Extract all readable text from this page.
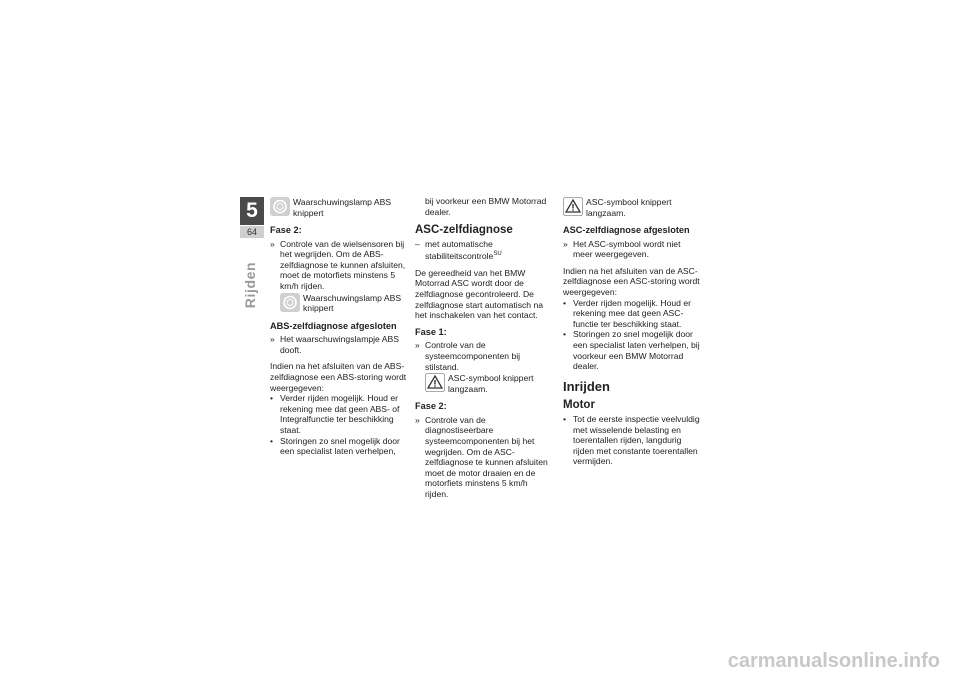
5
64
Rijden
Waarschuwingslamp ABS knippert
Fase 2:
» Controle van de wielsensoren bij het wegrijden. Om de ABS-zelfdiagnose te kunnen afsluiten, moet de motorfiets minstens 5 km/h rijden.
Waarschuwingslamp ABS knippert
ABS-zelfdiagnose afgesloten
» Het waarschuwingslampje ABS dooft.
Indien na het afsluiten van de ABS-zelfdiagnose een ABS-storing wordt weergegeven:
• Verder rijden mogelijk. Houd er rekening mee dat geen ABS- of Integralfunctie ter beschikking staat.
• Storingen zo snel mogelijk door een specialist laten verhelpen,
bij voorkeur een BMW Motorrad dealer.
ASC-zelfdiagnose
– met automatische stabiliteitscontrole$^{SU}$
De gereedheid van het BMW Motorrad ASC wordt door de zelfdiagnose gecontroleerd. De zelfdiagnose start automatisch na het inschakelen van het contact.
Fase 1:
» Controle van de systeemcomponenten bij stilstand.
ASC-symbool knippert langzaam.
Fase 2:
» Controle van de diagnostiseerbare systeemcomponenten bij het wegrijden. Om de ASC-zelfdiagnose te kunnen afsluiten moet de motor draaien en de motorfiets minstens 5 km/h rijden.
ASC-symbool knippert langzaam.
ASC-zelfdiagnose afgesloten
» Het ASC-symbool wordt niet meer weergegeven.
Indien na het afsluiten van de ASC-zelfdiagnose een ASC-storing wordt weergegeven:
• Verder rijden mogelijk. Houd er rekening mee dat geen ASC-functie ter beschikking staat.
• Storingen zo snel mogelijk door een specialist laten verhelpen, bij voorkeur een BMW Motorrad dealer.
Inrijden
Motor
• Tot de eerste inspectie veelvuldig met wisselende belasting en toerentallen rijden, langdurig rijden met constante toerentallen vermijden.
carmanualsonline.info
